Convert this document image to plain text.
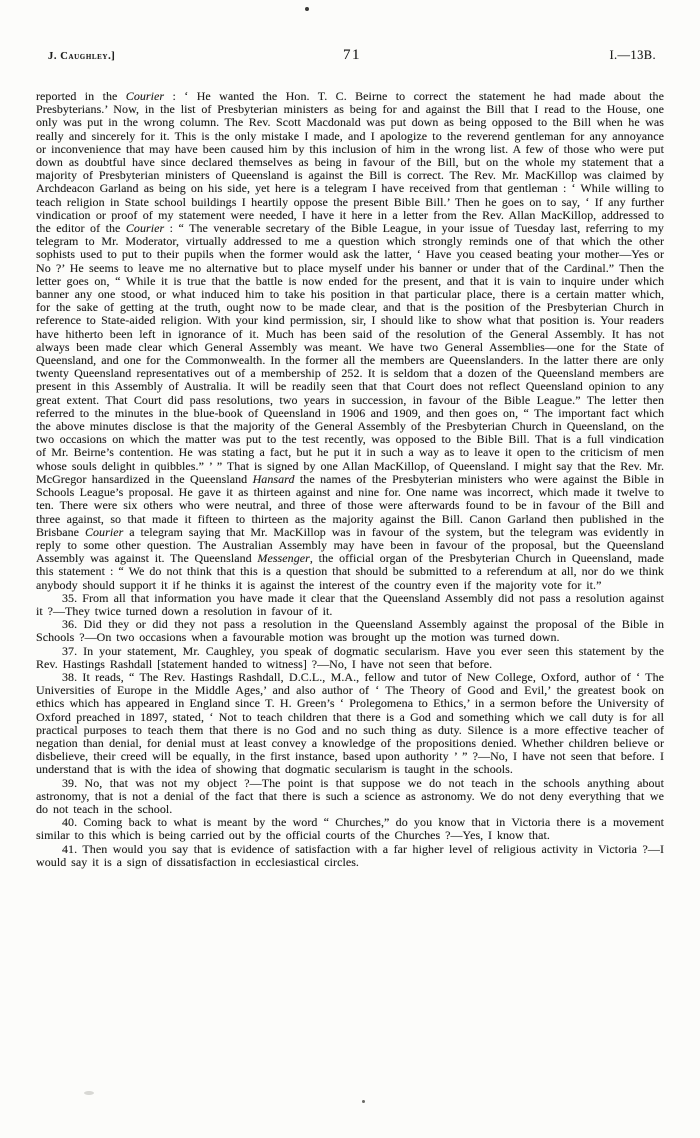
J. Caughley.]	71	I.—13B.

reported in the Courier : ‘ He wanted the Hon. T. C. Beirne to correct the statement he had made about the Presbyterians.’ Now, in the list of Presbyterian ministers as being for and against the Bill that I read to the House, one only was put in the wrong column. The Rev. Scott Macdonald was put down as being opposed to the Bill when he was really and sincerely for it. This is the only mistake I made, and I apologize to the reverend gentleman for any annoyance or inconvenience that may have been caused him by this inclusion of him in the wrong list. A few of those who were put down as doubtful have since declared themselves as being in favour of the Bill, but on the whole my statement that a majority of Presbyterian ministers of Queensland is against the Bill is correct. The Rev. Mr. MacKillop was claimed by Archdeacon Garland as being on his side, yet here is a telegram I have received from that gentleman : ‘ While willing to teach religion in State school buildings I heartily oppose the present Bible Bill.’ Then he goes on to say, ‘ If any further vindication or proof of my statement were needed, I have it here in a letter from the Rev. Allan MacKillop, addressed to the editor of the Courier : “ The venerable secretary of the Bible League, in your issue of Tuesday last, referring to my telegram to Mr. Moderator, virtually addressed to me a question which strongly reminds one of that which the other sophists used to put to their pupils when the former would ask the latter, ‘ Have you ceased beating your mother—Yes or No ?’ He seems to leave me no alternative but to place myself under his banner or under that of the Cardinal.” Then the letter goes on, “ While it is true that the battle is now ended for the present, and that it is vain to inquire under which banner any one stood, or what induced him to take his position in that particular place, there is a certain matter which, for the sake of getting at the truth, ought now to be made clear, and that is the position of the Presbyterian Church in reference to State-aided religion. With your kind permission, sir, I should like to show what that position is. Your readers have hitherto been left in ignorance of it. Much has been said of the resolution of the General Assembly. It has not always been made clear which General Assembly was meant. We have two General Assemblies—one for the State of Queensland, and one for the Commonwealth. In the former all the members are Queenslanders. In the latter there are only twenty Queensland representatives out of a membership of 252. It is seldom that a dozen of the Queensland members are present in this Assembly of Australia. It will be readily seen that that Court does not reflect Queensland opinion to any great extent. That Court did pass resolutions, two years in succession, in favour of the Bible League.” The letter then referred to the minutes in the blue-book of Queensland in 1906 and 1909, and then goes on, “ The important fact which the above minutes disclose is that the majority of the General Assembly of the Presbyterian Church in Queensland, on the two occasions on which the matter was put to the test recently, was opposed to the Bible Bill. That is a full vindication of Mr. Beirne’s contention. He was stating a fact, but he put it in such a way as to leave it open to the criticism of men whose souls delight in quibbles.” ’ ” That is signed by one Allan MacKillop, of Queensland. I might say that the Rev. Mr. McGregor hansardized in the Queensland Hansard the names of the Presbyterian ministers who were against the Bible in Schools League’s proposal. He gave it as thirteen against and nine for. One name was incorrect, which made it twelve to ten. There were six others who were neutral, and three of those were afterwards found to be in favour of the Bill and three against, so that made it fifteen to thirteen as the majority against the Bill. Canon Garland then published in the Brisbane Courier a telegram saying that Mr. MacKillop was in favour of the system, but the telegram was evidently in reply to some other question. The Australian Assembly may have been in favour of the proposal, but the Queensland Assembly was against it. The Queensland Messenger, the official organ of the Presbyterian Church in Queensland, made this statement : “ We do not think that this is a question that should be submitted to a referendum at all, nor do we think anybody should support it if he thinks it is against the interest of the country even if the majority vote for it.”

35. From all that information you have made it clear that the Queensland Assembly did not pass a resolution against it ?—They twice turned down a resolution in favour of it.

36. Did they or did they not pass a resolution in the Queensland Assembly against the proposal of the Bible in Schools ?—On two occasions when a favourable motion was brought up the motion was turned down.

37. In your statement, Mr. Caughley, you speak of dogmatic secularism. Have you ever seen this statement by the Rev. Hastings Rashdall [statement handed to witness] ?—No, I have not seen that before.

38. It reads, “ The Rev. Hastings Rashdall, D.C.L., M.A., fellow and tutor of New College, Oxford, author of ‘ The Universities of Europe in the Middle Ages,’ and also author of ‘ The Theory of Good and Evil,’ the greatest book on ethics which has appeared in England since T. H. Green’s ‘ Prolegomena to Ethics,’ in a sermon before the University of Oxford preached in 1897, stated, ‘ Not to teach children that there is a God and something which we call duty is for all practical purposes to teach them that there is no God and no such thing as duty. Silence is a more effective teacher of negation than denial, for denial must at least convey a knowledge of the propositions denied. Whether children believe or disbelieve, their creed will be equally, in the first instance, based upon authority ’ ” ?—No, I have not seen that before. I understand that is with the idea of showing that dogmatic secularism is taught in the schools.

39. No, that was not my object ?—The point is that suppose we do not teach in the schools anything about astronomy, that is not a denial of the fact that there is such a science as astronomy. We do not deny everything that we do not teach in the school.

40. Coming back to what is meant by the word “ Churches,” do you know that in Victoria there is a movement similar to this which is being carried out by the official courts of the Churches ?—Yes, I know that.

41. Then would you say that is evidence of satisfaction with a far higher level of religious activity in Victoria ?—I would say it is a sign of dissatisfaction in ecclesiastical circles.
